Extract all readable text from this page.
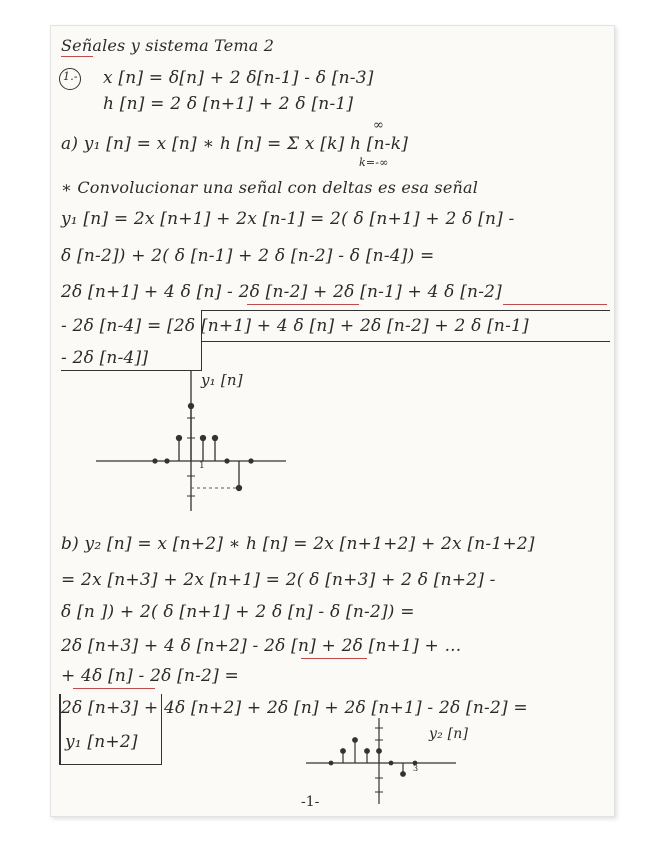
Señales y sistema Tema 2
1.- x [n] = δ[n] + 2 δ[n-1] - δ [n-3]
h [n] = 2 δ [n+1] + 2 δ [n-1]
a) y₁ [n] = x [n] ∗ h [n] = Σ x [k] h [n-k]
∞
k=-∞
∗ Convolucionar una señal con deltas es esa señal
y₁ [n] = 2x [n+1] + 2x [n-1] = 2( δ [n+1] + 2 δ [n] -
δ [n-2]) + 2( δ [n-1] + 2 δ [n-2] - δ [n-4]) =
2δ [n+1] + 4 δ [n] - 2δ [n-2] + 2δ [n-1] + 4 δ [n-2]
- 2δ [n-4] = [2δ [n+1] + 4 δ [n] + 2δ [n-2] + 2 δ [n-1]
- 2δ [n-4]]
y₁ [n]
1
b) y₂ [n] = x [n+2] ∗ h [n] = 2x [n+1+2] + 2x [n-1+2]
= 2x [n+3] + 2x [n+1] = 2( δ [n+3] + 2 δ [n+2] -
δ [n ]) + 2( δ [n+1] + 2 δ [n] - δ [n-2]) =
2δ [n+3] + 4 δ [n+2] - 2δ [n] + 2δ [n+1] + ...
+ 4δ [n] - 2δ [n-2] =
2δ [n+3] + 4δ [n+2] + 2δ [n] + 2δ [n+1] - 2δ [n-2] =
y₁ [n+2]	y₂ [n]
3
-1-
